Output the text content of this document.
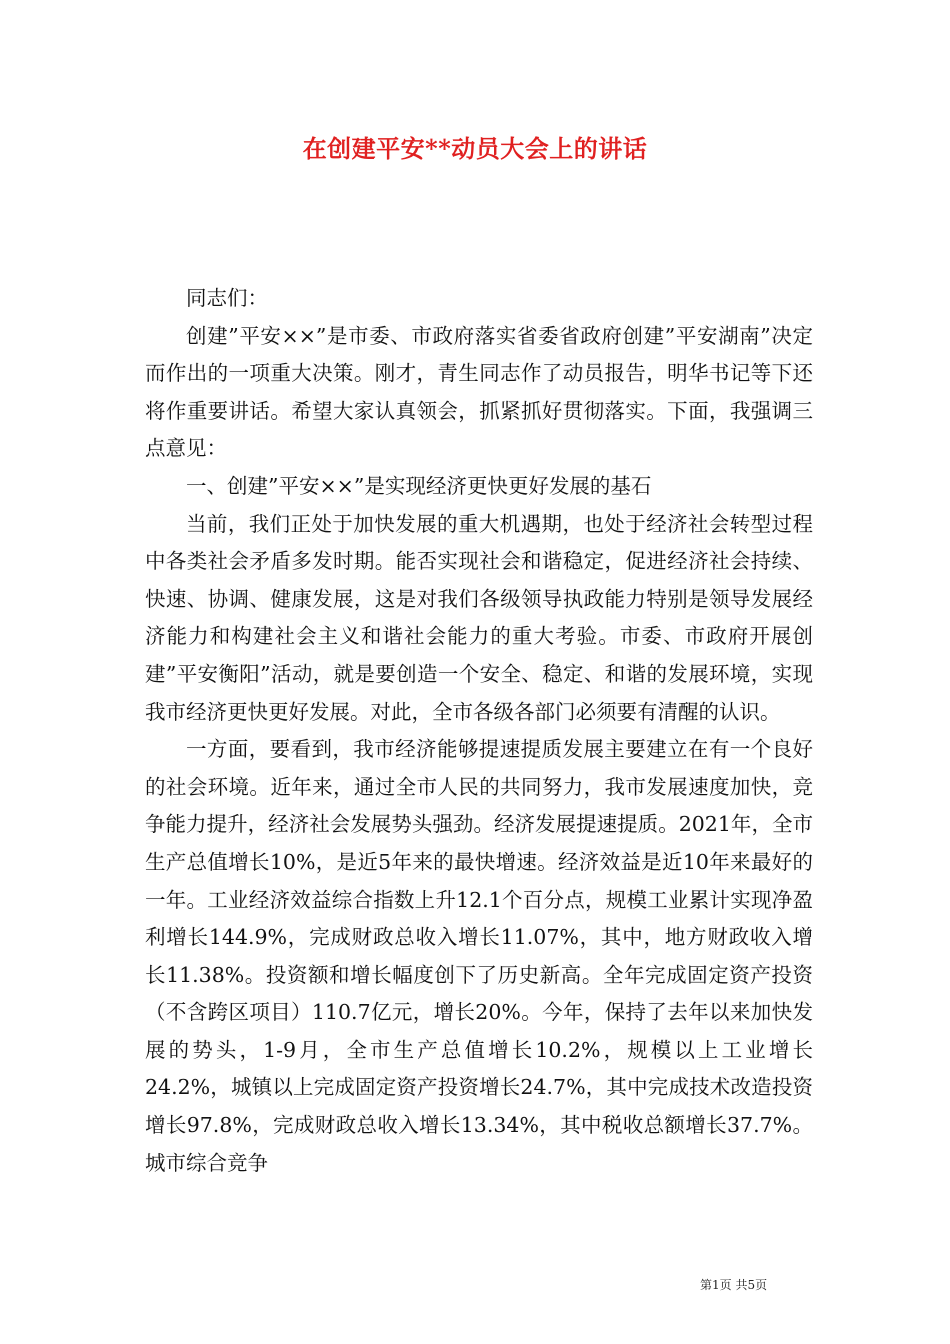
在创建平安**动员大会上的讲话

同志们：

创建”平安××”是市委、市政府落实省委省政府创建”平安湖南”决定而作出的一项重大决策。刚才，青生同志作了动员报告，明华书记等下还将作重要讲话。希望大家认真领会，抓紧抓好贯彻落实。下面，我强调三点意见：

一、创建”平安××”是实现经济更快更好发展的基石

当前，我们正处于加快发展的重大机遇期，也处于经济社会转型过程中各类社会矛盾多发时期。能否实现社会和谐稳定，促进经济社会持续、快速、协调、健康发展，这是对我们各级领导执政能力特别是领导发展经济能力和构建社会主义和谐社会能力的重大考验。市委、市政府开展创建”平安衡阳”活动，就是要创造一个安全、稳定、和谐的发展环境，实现我市经济更快更好发展。对此，全市各级各部门必须要有清醒的认识。

一方面，要看到，我市经济能够提速提质发展主要建立在有一个良好的社会环境。近年来，通过全市人民的共同努力，我市发展速度加快，竞争能力提升，经济社会发展势头强劲。经济发展提速提质。2021年，全市生产总值增长10%，是近5年来的最快增速。经济效益是近10年来最好的一年。工业经济效益综合指数上升12.1个百分点，规模工业累计实现净盈利增长144.9%，完成财政总收入增长11.07%，其中，地方财政收入增长11.38%。投资额和增长幅度创下了历史新高。全年完成固定资产投资（不含跨区项目）110.7亿元，增长20%。今年，保持了去年以来加快发展的势头，1-9月，全市生产总值增长10.2%，规模以上工业增长24.2%，城镇以上完成固定资产投资增长24.7%，其中完成技术改造投资增长97.8%，完成财政总收入增长13.34%，其中税收总额增长37.7%。城市综合竞争

第1页 共5页
